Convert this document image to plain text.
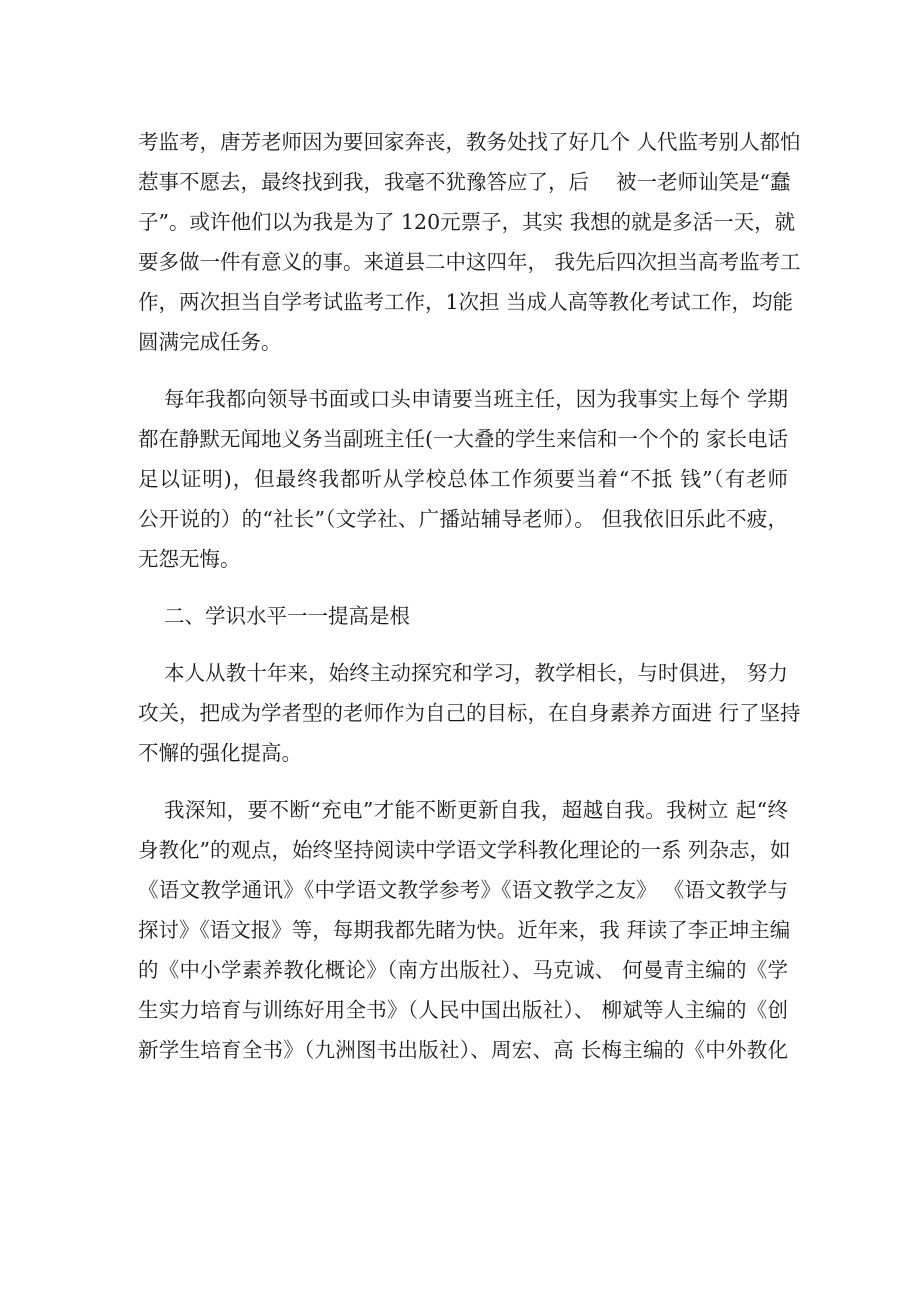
考监考，唐芳老师因为要回家奔丧，教务处找了好几个 人代监考别人都怕
惹事不愿去，最终找到我，我毫不犹豫答应了，后　 被一老师讪笑是“蠢
子”。或许他们以为我是为了 120元票子，其实 我想的就是多活一天，就
要多做一件有意义的事。来道县二中这四年， 我先后四次担当高考监考工
作，两次担当自学考试监考工作，1次担 当成人高等教化考试工作，均能
圆满完成任务。
每年我都向领导书面或口头申请要当班主任，因为我事实上每个 学期
都在静默无闻地义务当副班主任(一大叠的学生来信和一个个的 家长电话
足以证明)，但最终我都听从学校总体工作须要当着“不抵 钱”（有老师
公开说的）的“社长”（文学社、广播站辅导老师）。 但我依旧乐此不疲，
无怨无悔。
二、学识水平一一提高是根
本人从教十年来，始终主动探究和学习，教学相长，与时俱进， 努力
攻关，把成为学者型的老师作为自己的目标，在自身素养方面进 行了坚持
不懈的强化提高。
我深知，要不断“充电”才能不断更新自我，超越自我。我树立 起“终
身教化”的观点，始终坚持阅读中学语文学科教化理论的一系 列杂志，如
《语文教学通讯》《中学语文教学参考》《语文教学之友》 《语文教学与
探讨》《语文报》等，每期我都先睹为快。近年来，我 拜读了李正坤主编
的《中小学素养教化概论》（南方出版社）、马克诚、 何曼青主编的《学
生实力培育与训练好用全书》（人民中国出版社）、 柳斌等人主编的《创
新学生培育全书》（九洲图书出版社）、周宏、高 长梅主编的《中外教化
